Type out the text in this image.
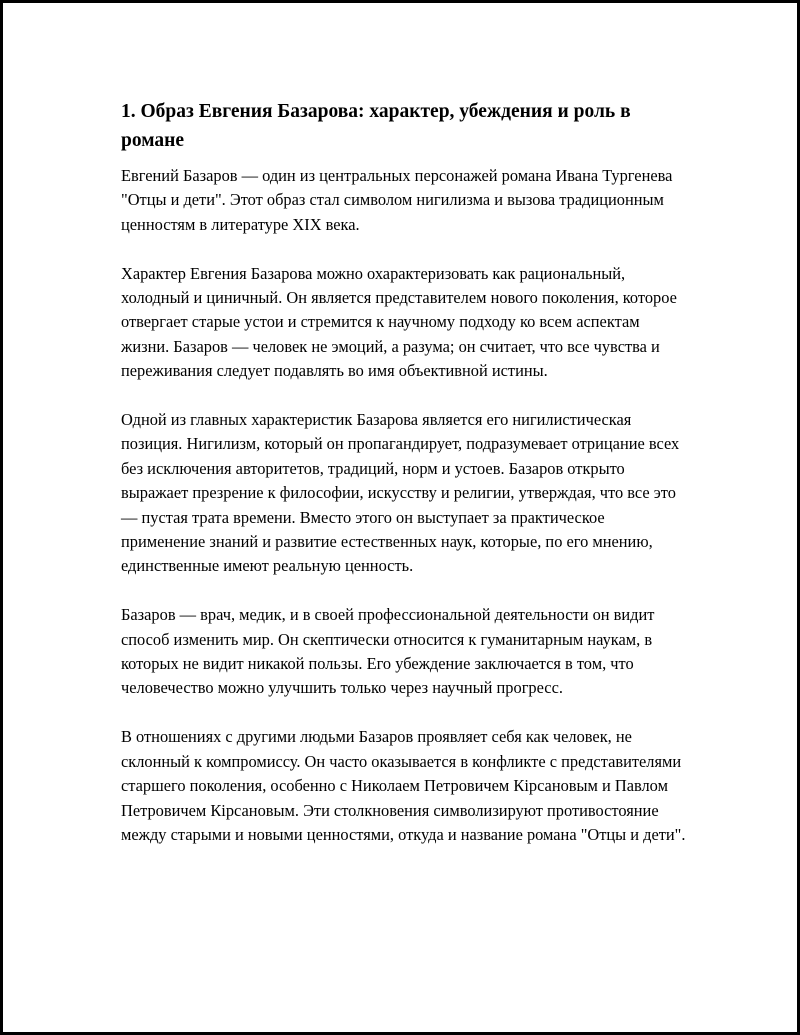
1. Образ Евгения Базарова: характер, убеждения и роль в романе

Евгений Базаров — один из центральных персонажей романа Ивана Тургенева "Отцы и дети". Этот образ стал символом нигилизма и вызова традиционным ценностям в литературе XIX века.

Характер Евгения Базарова можно охарактеризовать как рациональный, холодный и циничный. Он является представителем нового поколения, которое отвергает старые устои и стремится к научному подходу ко всем аспектам жизни. Базаров — человек не эмоций, а разума; он считает, что все чувства и переживания следует подавлять во имя объективной истины.

Одной из главных характеристик Базарова является его нигилистическая позиция. Нигилизм, который он пропагандирует, подразумевает отрицание всех без исключения авторитетов, традиций, норм и устоев. Базаров открыто выражает презрение к философии, искусству и религии, утверждая, что все это — пустая трата времени. Вместо этого он выступает за практическое применение знаний и развитие естественных наук, которые, по его мнению, единственные имеют реальную ценность.

Базаров — врач, медик, и в своей профессиональной деятельности он видит способ изменить мир. Он скептически относится к гуманитарным наукам, в которых не видит никакой пользы. Его убеждение заключается в том, что человечество можно улучшить только через научный прогресс.

В отношениях с другими людьми Базаров проявляет себя как человек, не склонный к компромиссу. Он часто оказывается в конфликте с представителями старшего поколения, особенно с Николаем Петровичем Кірсановым и Павлом Петровичем Кірсановым. Эти столкновения символизируют противостояние между старыми и новыми ценностями, откуда и название романа "Отцы и дети".
